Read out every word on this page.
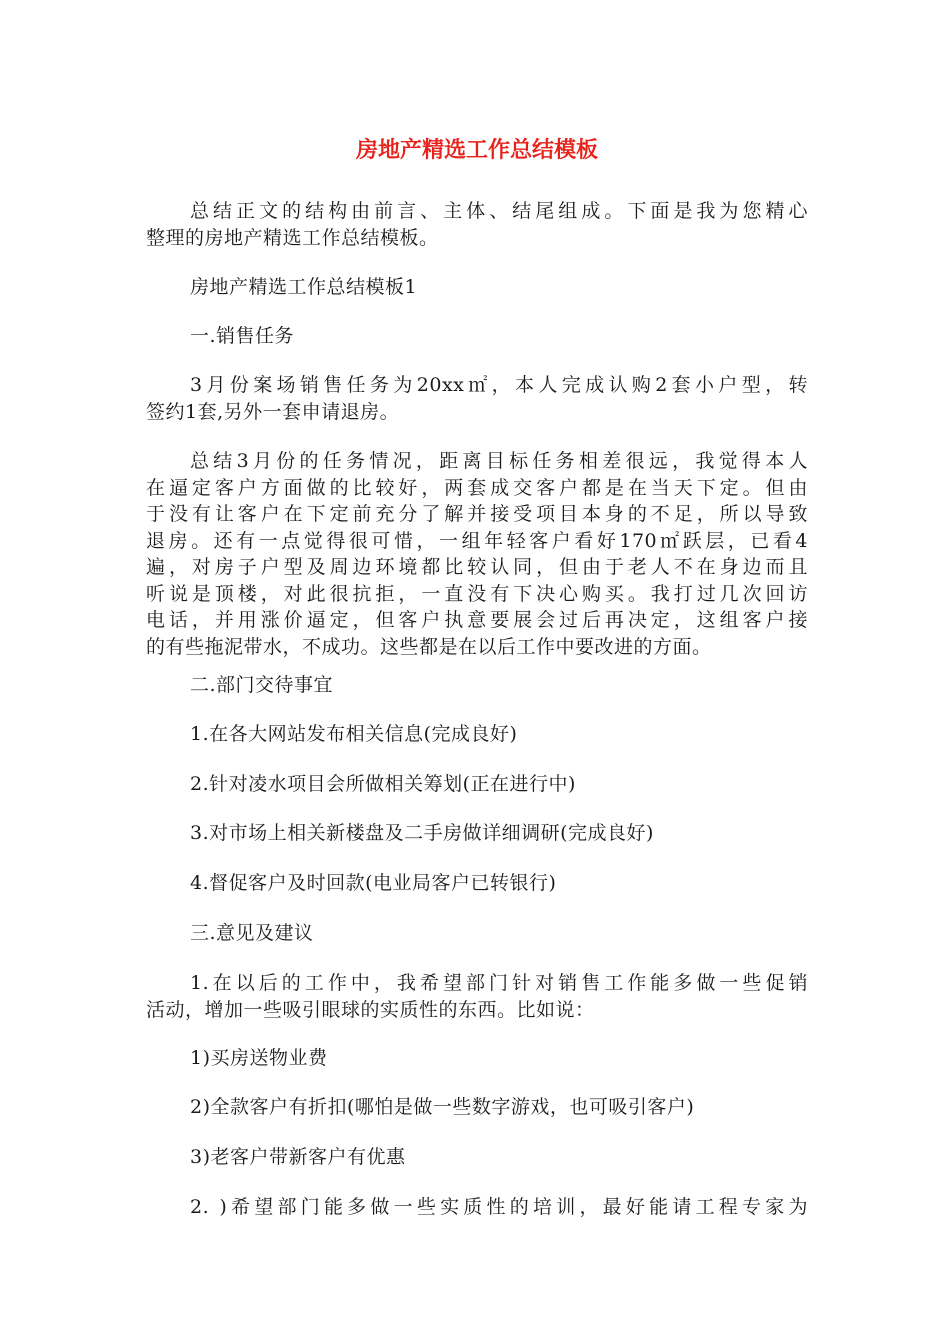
房地产精选工作总结模板

总结正文的结构由前言、主体、结尾组成。下面是我为您精心
整理的房地产精选工作总结模板。

房地产精选工作总结模板1

一.销售任务

3月份案场销售任务为20xx㎡，本人完成认购2套小户型，转
签约1套,另外一套申请退房。

总结3月份的任务情况，距离目标任务相差很远，我觉得本人
在逼定客户方面做的比较好，两套成交客户都是在当天下定。但由
于没有让客户在下定前充分了解并接受项目本身的不足，所以导致
退房。还有一点觉得很可惜，一组年轻客户看好170㎡跃层，已看4
遍，对房子户型及周边环境都比较认同，但由于老人不在身边而且
听说是顶楼，对此很抗拒，一直没有下决心购买。我打过几次回访
电话，并用涨价逼定，但客户执意要展会过后再决定，这组客户接
的有些拖泥带水，不成功。这些都是在以后工作中要改进的方面。

二.部门交待事宜

1.在各大网站发布相关信息(完成良好)

2.针对凌水项目会所做相关筹划(正在进行中)

3.对市场上相关新楼盘及二手房做详细调研(完成良好)

4.督促客户及时回款(电业局客户已转银行)

三.意见及建议

1.在以后的工作中，我希望部门针对销售工作能多做一些促销
活动，增加一些吸引眼球的实质性的东西。比如说：

1)买房送物业费

2)全款客户有折扣(哪怕是做一些数字游戏，也可吸引客户)

3)老客户带新客户有优惠

2. )希望部门能多做一些实质性的培训，最好能请工程专家为
